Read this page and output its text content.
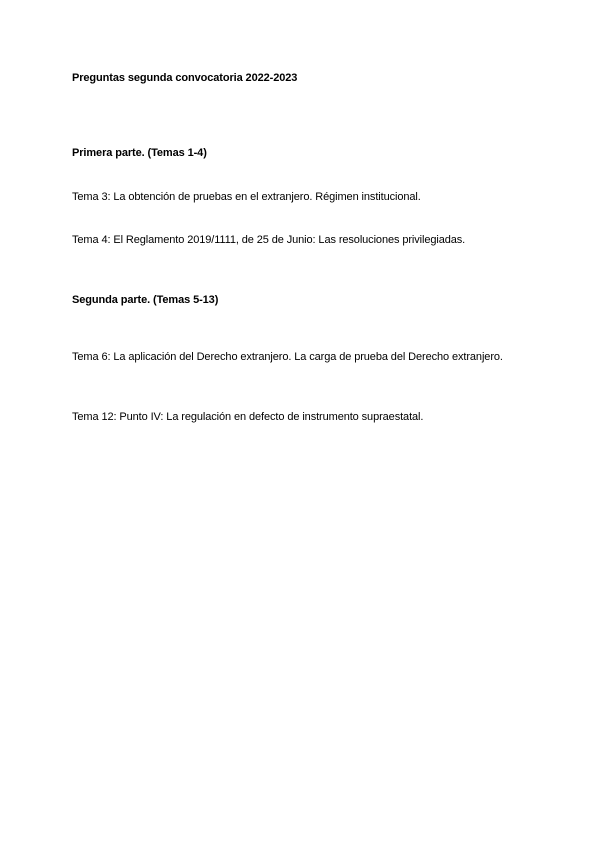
Preguntas segunda convocatoria 2022-2023
Primera parte. (Temas 1-4)
Tema 3: La obtención de pruebas en el extranjero. Régimen institucional.
Tema 4: El Reglamento 2019/1111, de 25 de Junio: Las resoluciones privilegiadas.
Segunda parte. (Temas 5-13)
Tema 6: La aplicación del Derecho extranjero. La carga de prueba del Derecho extranjero.
Tema 12: Punto IV: La regulación en defecto de instrumento supraestatal.
